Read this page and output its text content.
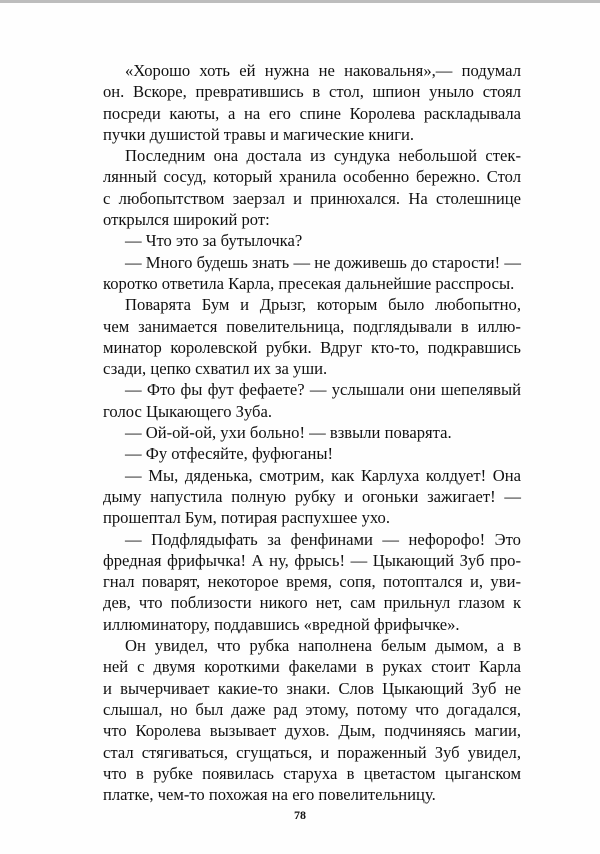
«Хорошо хоть ей нужна не наковальня»,— подумал

он. Вскоре, превратившись в стол, шпион уныло стоял

посреди каюты, а на его спине Королева раскладывала

пучки душистой травы и магические книги.

Последним она достала из сундука небольшой стек-

лянный сосуд, который хранила особенно бережно. Стол

с любопытством заерзал и принюхался. На столешнице

открылся широкий рот:

— Что это за бутылочка?

— Много будешь знать — не доживешь до старости! —

коротко ответила Карла, пресекая дальнейшие расспросы.

Поварята Бум и Дрызг, которым было любопытно,

чем занимается повелительница, подглядывали в иллю-

минатор королевской рубки. Вдруг кто-то, подкравшись

сзади, цепко схватил их за уши.

— Фто фы фут фефаете? — услышали они шепелявый

голос Цыкающего Зуба.

— Ой-ой-ой, ухи больно! — взвыли поварята.

— Фу отфесяйте, фуфюганы!

— Мы, дяденька, смотрим, как Карлуха колдует! Она

дыму напустила полную рубку и огоньки зажигает! —

прошептал Бум, потирая распухшее ухо.

— Подфлядыфать за фенфинами — нефорофо! Это

фредная фрифычка! А ну, фрысь! — Цыкающий Зуб про-

гнал поварят, некоторое время, сопя, потоптался и, уви-

дев, что поблизости никого нет, сам прильнул глазом к

иллюминатору, поддавшись «вредной фрифычке».

Он увидел, что рубка наполнена белым дымом, а в

ней с двумя короткими факелами в руках стоит Карла

и вычерчивает какие-то знаки. Слов Цыкающий Зуб не

слышал, но был даже рад этому, потому что догадался,

что Королева вызывает духов. Дым, подчиняясь магии,

стал стягиваться, сгущаться, и пораженный Зуб увидел,

что в рубке появилась старуха в цветастом цыганском

платке, чем-то похожая на его повелительницу.

78
